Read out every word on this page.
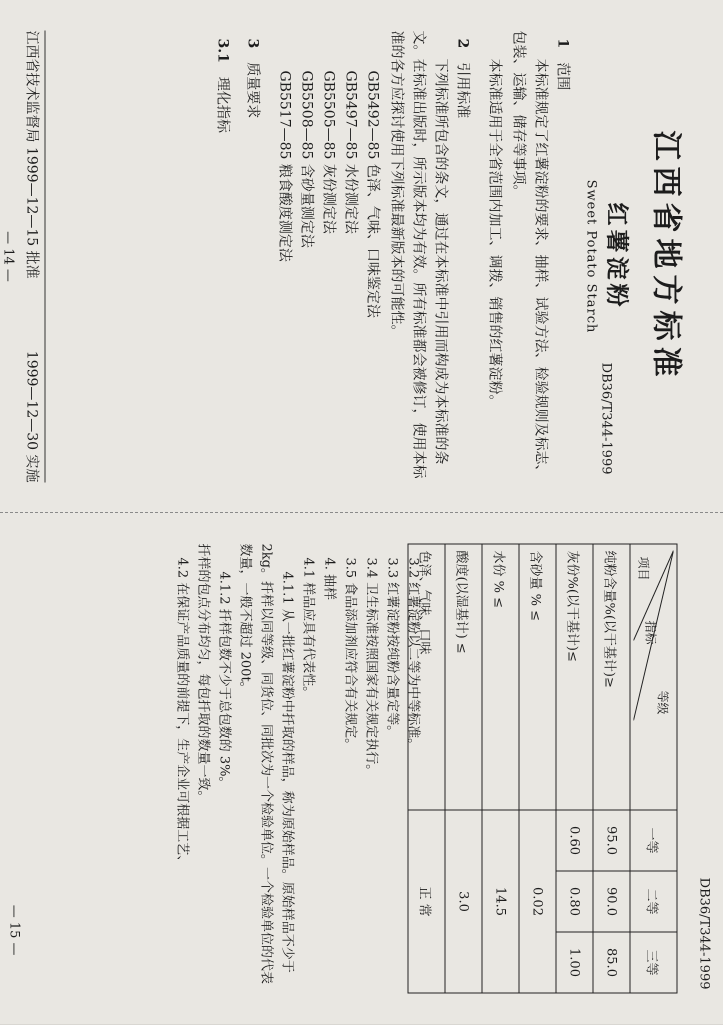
江西省地方标准
DB36/T344-1999
红薯淀粉
Sweet Potato Starch
1范围

本标准规定了红薯淀粉的要求、抽样、试验方法、检验规则及标志、包装、运输、储存等事项。

本标准适用于全省范围内加工、调拨、销售的红薯淀粉。

2引用标准

下列标准所包含的条文，通过在本标准中引用而构成为本标准的条文。在标准出版时，所示版本均为有效。所有标准都会被修订，使用本标准的各方应探讨使用下列标准最新版本的可能性。

GB5492—85 色泽、气味、口味鉴定法
GB5497—85 水份测定法
GB5505—85 灰份测定法
GB5508—85 含砂量测定法
GB5517—85 粮食酸度测定法
3质量要求
3.1理化指标
江西省技术监督局 1999—12—15 批准
1999—12—30 实施
— 14 —
DB36/T344-1999
等级
指标
项目	一等	二等	三等
纯粉含量%(以干基计)≥	95.0	90.0	85.0
灰份%(以干基计)≤	0.60	0.80	1.00
含砂量 % ≤	0.02		
水份 % ≤	14.5		
酸度(以湿基计) ≤	3.0		
色泽、气味、口味	正 常		

3.2 红薯淀粉以二等为中等标准。

3.3 红薯淀粉按纯粉含量定等。

3.4 卫生标准按照国家有关规定执行。

3.5 食品添加剂应符合有关规定。

4. 抽样

4.1 样品应具有代表性。

4.1.1 从一批红薯淀粉中扦取的样品，称为原始样品。原始样品不少于 2kg。扦样以同等级、同货位、同批次为一个检验单位。一个检验单位的代表数量，一般不超过 200t。

4.1.2 扦样包数不少于总包数的 3%。

扦样的包点分布均匀，每包扦取的数量一致。

4.2 在保证产品质量的前提下，生产企业可根据工艺、

— 15 —
